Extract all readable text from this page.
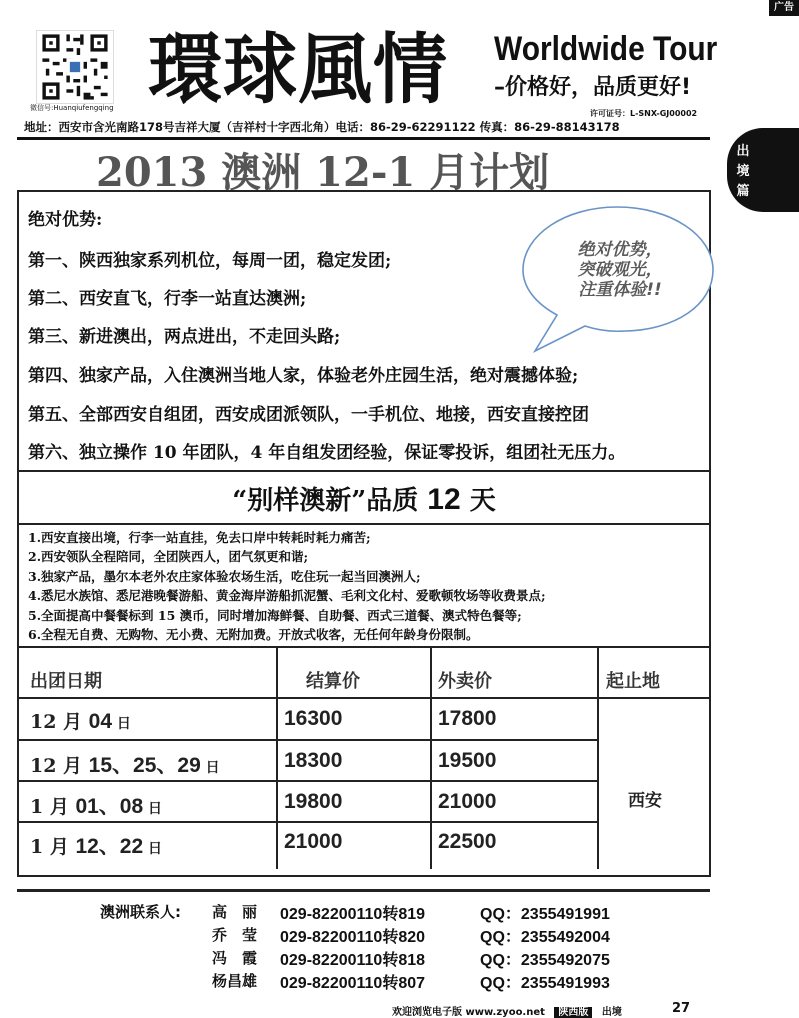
广告
出
境
篇
微信号:Huanqiufengqing 環球風情 Worldwide Tour
–价格好，品质更好!
许可证号：L-SNX-GJ00002
地址：西安市含光南路178号吉祥大厦（吉祥村十字西北角）电话：86-29-62291122 传真：86-29-88143178
2013 澳洲 12-1 月计划
绝对优势:
第一、陕西独家系列机位，每周一团，稳定发团;
第二、西安直飞，行李一站直达澳洲;
第三、新进澳出，两点进出，不走回头路;
第四、独家产品，入住澳洲当地人家，体验老外庄园生活，绝对震撼体验;
第五、全部西安自组团，西安成团派领队，一手机位、地接，西安直接控团
第六、独立操作 10 年团队，4 年自组发团经验，保证零投诉，组团社无压力。
绝对优势，
突破观光，
注重体验!!
“别样澳新”品质 12 天
1.西安直接出境，行李一站直挂，免去口岸中转耗时耗力痛苦;
2.西安领队全程陪同，全团陕西人，团气氛更和谐;
3.独家产品，墨尔本老外农庄家体验农场生活，吃住玩一起当回澳洲人;
4.悉尼水族馆、悉尼港晚餐游船、黄金海岸游船抓泥蟹、毛利文化村、爱歌顿牧场等收费景点;
5.全面提高中餐餐标到 15 澳币，同时增加海鲜餐、自助餐、西式三道餐、澳式特色餐等;
6.全程无自费、无购物、无小费、无附加费。开放式收客，无任何年龄身份限制。
出团日期	结算价	外卖价	起止地
12 月 04 日	16300	17800
12 月 15、25、29 日	18300	19500
1 月 01、08 日	19800	21000
1 月 12、22 日	21000	22500
西安
澳洲联系人: 高　丽 029-82200110转819	QQ：2355491991
乔　莹 029-82200110转820	QQ：2355492004
冯　霞 029-82200110转818	QQ：2355492075
杨昌雄 029-82200110转807	QQ：2355491993
欢迎浏览电子版 www.zyoo.net 陕西版 出境	27
